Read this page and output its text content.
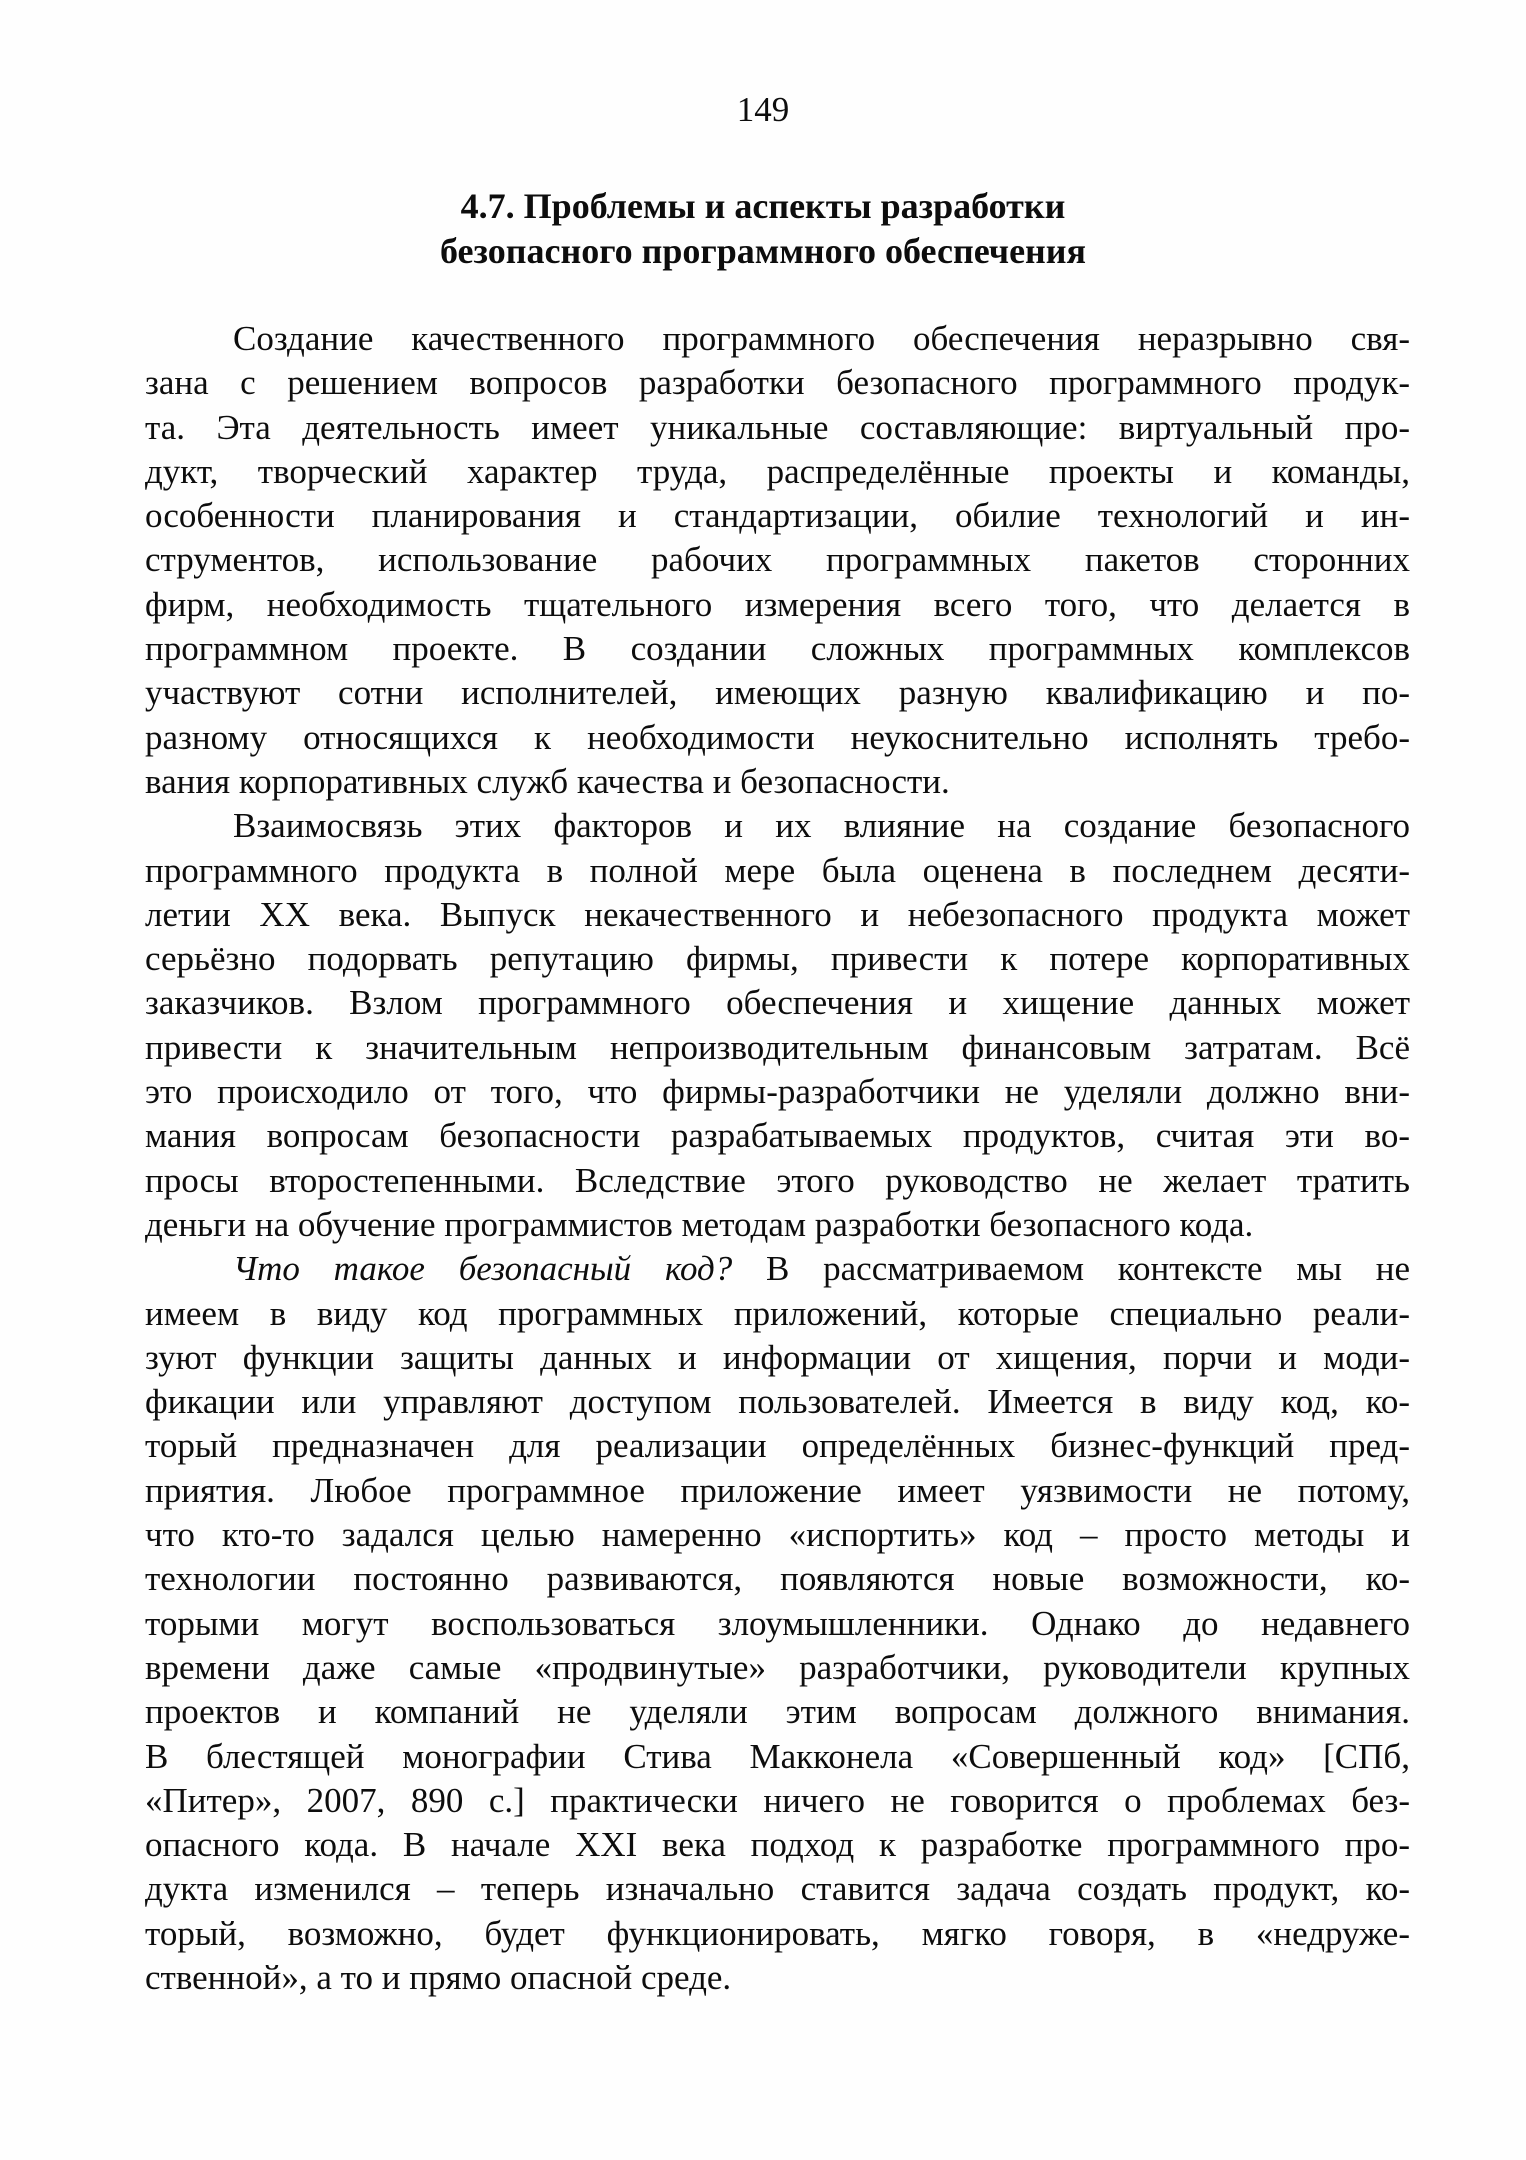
149
4.7. Проблемы и аспекты разработки
безопасного программного обеспечения
Создание качественного программного обеспечения неразрывно свя-
зана с решением вопросов разработки безопасного программного продук-
та. Эта деятельность имеет уникальные составляющие: виртуальный про-
дукт, творческий характер труда, распределённые проекты и команды,
особенности планирования и стандартизации, обилие технологий и ин-
струментов, использование рабочих программных пакетов сторонних
фирм, необходимость тщательного измерения всего того, что делается в
программном проекте. В создании сложных программных комплексов
участвуют сотни исполнителей, имеющих разную квалификацию и по-
разному относящихся к необходимости неукоснительно исполнять требо-
вания корпоративных служб качества и безопасности.
Взаимосвязь этих факторов и их влияние на создание безопасного
программного продукта в полной мере была оценена в последнем десяти-
летии XX века. Выпуск некачественного и небезопасного продукта может
серьёзно подорвать репутацию фирмы, привести к потере корпоративных
заказчиков. Взлом программного обеспечения и хищение данных может
привести к значительным непроизводительным финансовым затратам. Всё
это происходило от того, что фирмы-разработчики не уделяли должно вни-
мания вопросам безопасности разрабатываемых продуктов, считая эти во-
просы второстепенными. Вследствие этого руководство не желает тратить
деньги на обучение программистов методам разработки безопасного кода.
Что такое безопасный код? В рассматриваемом контексте мы не
имеем в виду код программных приложений, которые специально реали-
зуют функции защиты данных и информации от хищения, порчи и моди-
фикации или управляют доступом пользователей. Имеется в виду код, ко-
торый предназначен для реализации определённых бизнес-функций пред-
приятия. Любое программное приложение имеет уязвимости не потому,
что кто-то задался целью намеренно «испортить» код – просто методы и
технологии постоянно развиваются, появляются новые возможности, ко-
торыми могут воспользоваться злоумышленники. Однако до недавнего
времени даже самые «продвинутые» разработчики, руководители крупных
проектов и компаний не уделяли этим вопросам должного внимания.
В блестящей монографии Стива Макконела «Совершенный код» [СПб,
«Питер», 2007, 890 с.] практически ничего не говорится о проблемах без-
опасного кода. В начале XXI века подход к разработке программного про-
дукта изменился – теперь изначально ставится задача создать продукт, ко-
торый, возможно, будет функционировать, мягко говоря, в «недруже-
ственной», а то и прямо опасной среде.
